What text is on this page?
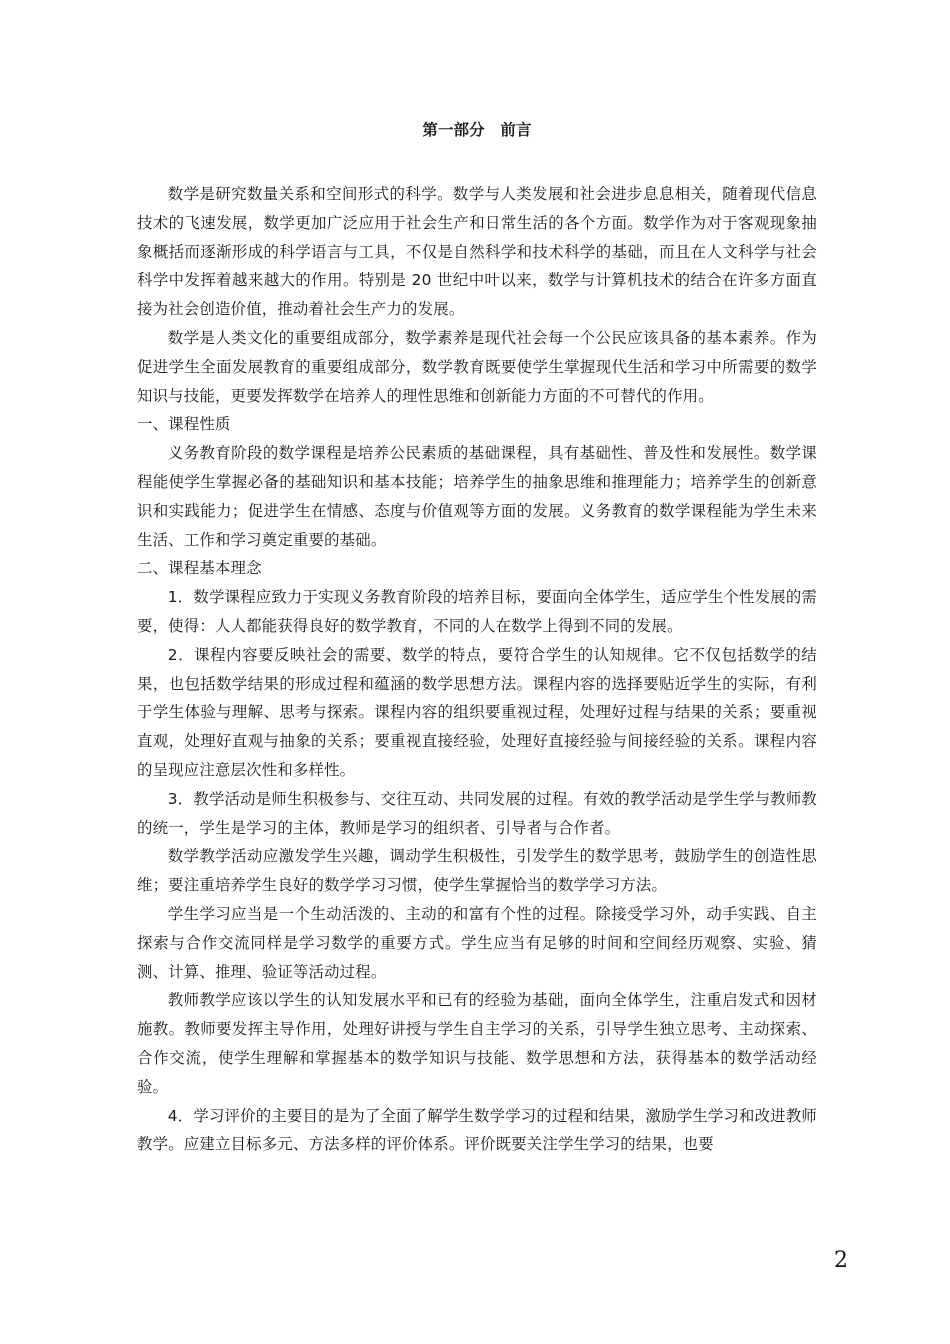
第一部分　前言

数学是研究数量关系和空间形式的科学。数学与人类发展和社会进步息息相关，随着现代信息技术的飞速发展，数学更加广泛应用于社会生产和日常生活的各个方面。数学作为对于客观现象抽象概括而逐渐形成的科学语言与工具，不仅是自然科学和技术科学的基础，而且在人文科学与社会科学中发挥着越来越大的作用。特别是 20 世纪中叶以来，数学与计算机技术的结合在许多方面直接为社会创造价值，推动着社会生产力的发展。

数学是人类文化的重要组成部分，数学素养是现代社会每一个公民应该具备的基本素养。作为促进学生全面发展教育的重要组成部分，数学教育既要使学生掌握现代生活和学习中所需要的数学知识与技能，更要发挥数学在培养人的理性思维和创新能力方面的不可替代的作用。

一、课程性质

义务教育阶段的数学课程是培养公民素质的基础课程，具有基础性、普及性和发展性。数学课程能使学生掌握必备的基础知识和基本技能；培养学生的抽象思维和推理能力；培养学生的创新意识和实践能力；促进学生在情感、态度与价值观等方面的发展。义务教育的数学课程能为学生未来生活、工作和学习奠定重要的基础。

二、课程基本理念

1．数学课程应致力于实现义务教育阶段的培养目标，要面向全体学生，适应学生个性发展的需要，使得：人人都能获得良好的数学教育，不同的人在数学上得到不同的发展。

2．课程内容要反映社会的需要、数学的特点，要符合学生的认知规律。它不仅包括数学的结果，也包括数学结果的形成过程和蕴涵的数学思想方法。课程内容的选择要贴近学生的实际，有利于学生体验与理解、思考与探索。课程内容的组织要重视过程，处理好过程与结果的关系；要重视直观，处理好直观与抽象的关系；要重视直接经验，处理好直接经验与间接经验的关系。课程内容的呈现应注意层次性和多样性。

3．教学活动是师生积极参与、交往互动、共同发展的过程。有效的教学活动是学生学与教师教的统一，学生是学习的主体，教师是学习的组织者、引导者与合作者。

数学教学活动应激发学生兴趣，调动学生积极性，引发学生的数学思考，鼓励学生的创造性思维；要注重培养学生良好的数学学习习惯，使学生掌握恰当的数学学习方法。

学生学习应当是一个生动活泼的、主动的和富有个性的过程。除接受学习外，动手实践、自主探索与合作交流同样是学习数学的重要方式。学生应当有足够的时间和空间经历观察、实验、猜测、计算、推理、验证等活动过程。

教师教学应该以学生的认知发展水平和已有的经验为基础，面向全体学生，注重启发式和因材施教。教师要发挥主导作用，处理好讲授与学生自主学习的关系，引导学生独立思考、主动探索、合作交流，使学生理解和掌握基本的数学知识与技能、数学思想和方法，获得基本的数学活动经验。

4．学习评价的主要目的是为了全面了解学生数学学习的过程和结果，激励学生学习和改进教师教学。应建立目标多元、方法多样的评价体系。评价既要关注学生学习的结果，也要

2
